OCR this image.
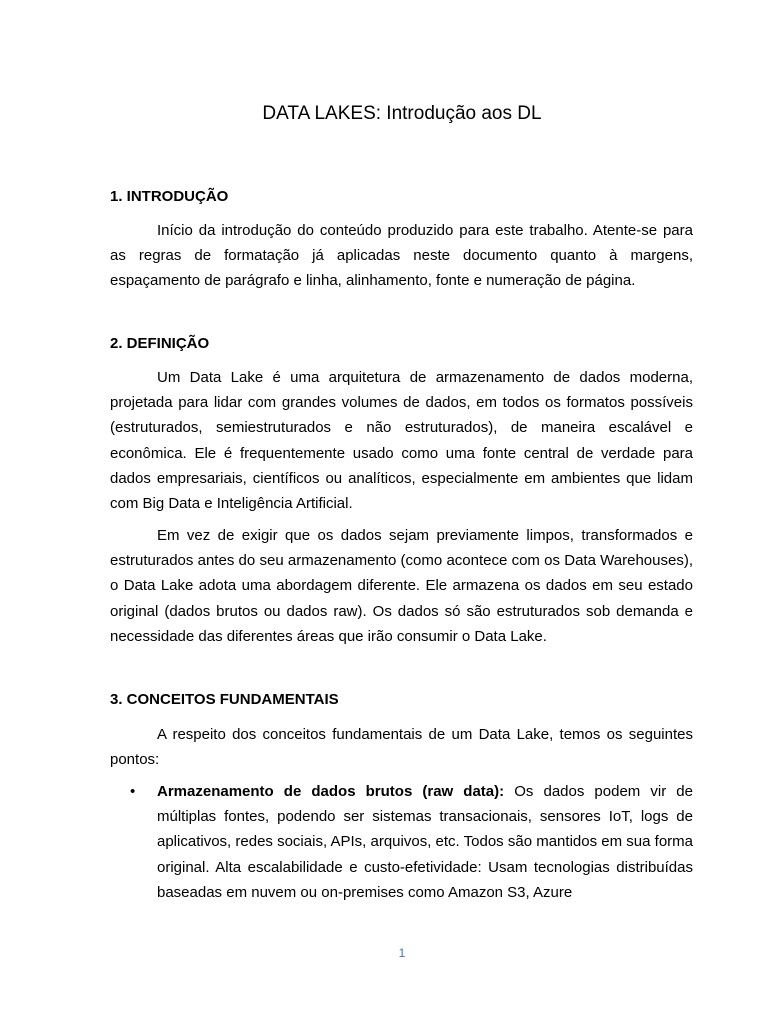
DATA LAKES: Introdução aos DL
1. INTRODUÇÃO

Início da introdução do conteúdo produzido para este trabalho. Atente-se para as regras de formatação já aplicadas neste documento quanto à margens, espaçamento de parágrafo e linha, alinhamento, fonte e numeração de página.

2. DEFINIÇÃO

Um Data Lake é uma arquitetura de armazenamento de dados moderna, projetada para lidar com grandes volumes de dados, em todos os formatos possíveis (estruturados, semiestruturados e não estruturados), de maneira escalável e econômica. Ele é frequentemente usado como uma fonte central de verdade para dados empresariais, científicos ou analíticos, especialmente em ambientes que lidam com Big Data e Inteligência Artificial.

Em vez de exigir que os dados sejam previamente limpos, transformados e estruturados antes do seu armazenamento (como acontece com os Data Warehouses), o Data Lake adota uma abordagem diferente. Ele armazena os dados em seu estado original (dados brutos ou dados raw). Os dados só são estruturados sob demanda e necessidade das diferentes áreas que irão consumir o Data Lake.

3. CONCEITOS FUNDAMENTAIS

A respeito dos conceitos fundamentais de um Data Lake, temos os seguintes pontos:

• Armazenamento de dados brutos (raw data): Os dados podem vir de múltiplas fontes, podendo ser sistemas transacionais, sensores IoT, logs de aplicativos, redes sociais, APIs, arquivos, etc. Todos são mantidos em sua forma original. Alta escalabilidade e custo-efetividade: Usam tecnologias distribuídas baseadas em nuvem ou on-premises como Amazon S3, Azure

1
